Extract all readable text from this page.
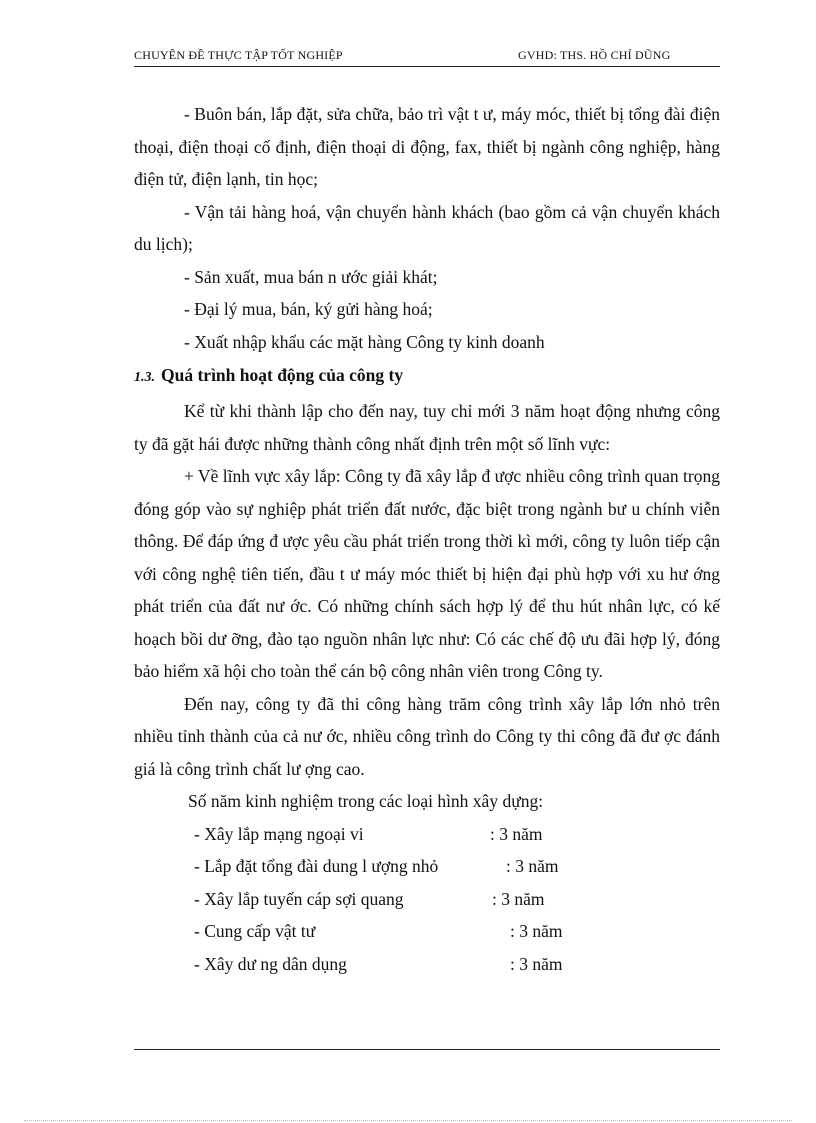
CHUYÊN ĐỀ THỰC TẬP TỐT NGHIỆP	GVHD: THS. HỒ CHÍ DŨNG

- Buôn bán, lắp đặt, sửa chữa, bảo trì vật t ư, máy móc, thiết bị tổng đài điện thoại, điện thoại cố định, điện thoại di động, fax, thiết bị ngành công nghiệp, hàng điện tử, điện lạnh, tin học;

- Vận tải hàng hoá, vận chuyển hành khách (bao gồm cả vận chuyển khách du lịch);

- Sản xuất, mua bán n ước giải khát;

- Đại lý mua, bán, ký gửi hàng hoá;

- Xuất nhập khẩu các mặt hàng Công ty kinh doanh

1.3. Quá trình hoạt động của công ty

Kể từ khi thành lập cho đến nay, tuy chỉ mới 3 năm hoạt động nhưng công ty đã gặt hái được những thành công nhất định trên một số lĩnh vực:

+ Về lĩnh vực xây lắp: Công ty đã xây lắp đ ược nhiều công trình quan trọng đóng góp vào sự nghiệp phát triển đất nước, đặc biệt trong ngành bư u chính viễn thông. Để đáp ứng đ ược yêu cầu phát triển trong thời kì mới, công ty luôn tiếp cận với công nghệ tiên tiến, đầu t ư máy móc thiết bị hiện đại phù hợp với xu hư ớng phát triển của đất nư ớc. Có những chính sách hợp lý để thu hút nhân lực, có kế hoạch bồi dư ỡng, đào tạo nguồn nhân lực như: Có các chế độ ưu đãi hợp lý, đóng bảo hiểm xã hội cho toàn thể cán bộ công nhân viên trong Công ty.

Đến nay, công ty đã thi công hàng trăm công trình xây lắp lớn nhỏ trên nhiều tỉnh thành của cả nư ớc, nhiều công trình do Công ty thi công đã đư ợc đánh giá là công trình chất lư ợng cao.

Số năm kinh nghiệm trong các loại hình xây dựng:

- Xây lắp mạng ngoại vi	: 3 năm
- Lắp đặt tổng đài dung l ượng nhỏ	: 3 năm
- Xây lắp tuyến cáp sợi quang	: 3 năm
- Cung cấp vật tư	: 3 năm
- Xây dư ng dân dụng	: 3 năm
